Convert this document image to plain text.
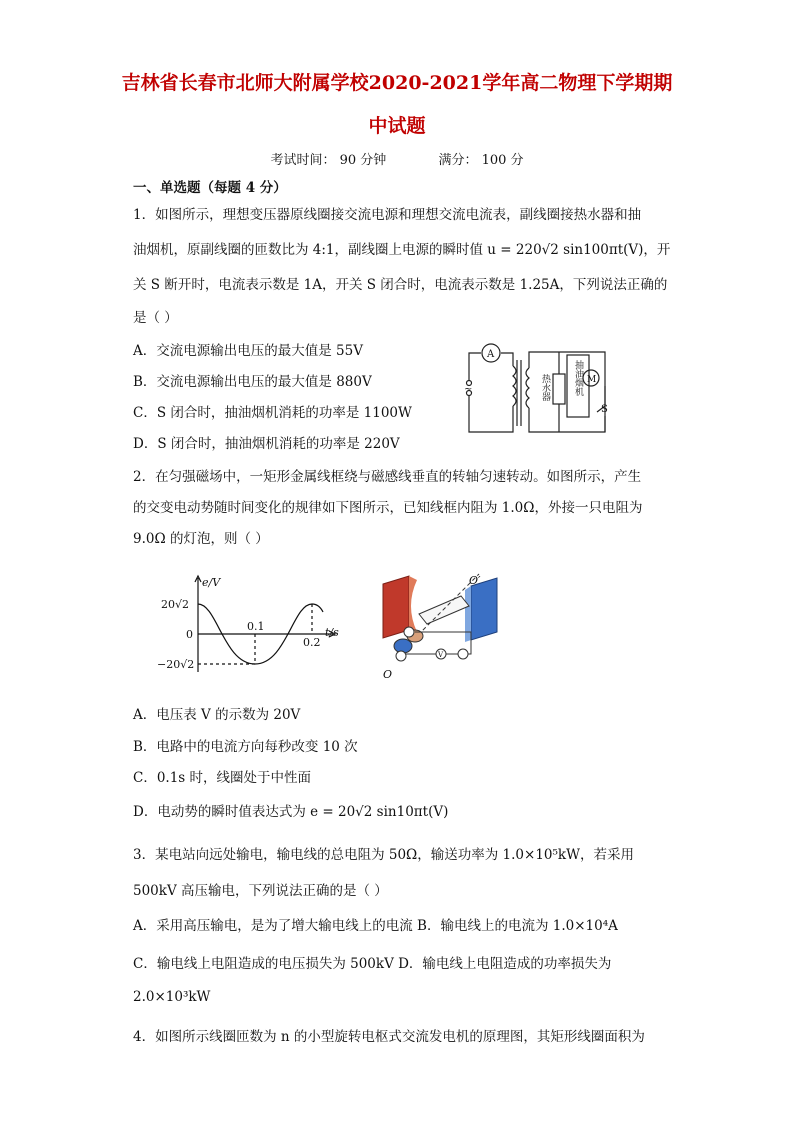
吉林省长春市北师大附属学校2020-2021学年高二物理下学期期
中试题
考试时间： 90 分钟	满分： 100 分
一、单选题（每题 4 分）
1．如图所示，理想变压器原线圈接交流电源和理想交流电流表，副线圈接热水器和抽
油烟机，原副线圈的匝数比为 4:1，副线圈上电源的瞬时值 u = 220√2 sin100πt(V)，开
关 S 断开时，电流表示数是 1A，开关 S 闭合时，电流表示数是 1.25A，下列说法正确的
是（ ）
A．交流电源输出电压的最大值是 55V
B．交流电源输出电压的最大值是 880V
C．S 闭合时，抽油烟机消耗的功率是 1100W
D．S 闭合时，抽油烟机消耗的功率是 220V
A
~
M
S
热水器	抽油烟机
2．在匀强磁场中，一矩形金属线框绕与磁感线垂直的转轴匀速转动。如图所示，产生
的交变电动势随时间变化的规律如下图所示，已知线框内阻为 1.0Ω，外接一只电阻为
9.0Ω 的灯泡，则（ ）
e/V
t/s
20√2
0
−20√2
0.1
0.2
V
O′
O
A．电压表 V 的示数为 20V
B．电路中的电流方向每秒改变 10 次
C．0.1s 时，线圈处于中性面
D．电动势的瞬时值表达式为 e = 20√2 sin10πt(V)
3．某电站向远处输电，输电线的总电阻为 50Ω，输送功率为 1.0×10⁵kW，若采用
500kV 高压输电，下列说法正确的是（ ）
A．采用高压输电，是为了增大输电线上的电流 B．输电线上的电流为 1.0×10⁴A
C．输电线上电阻造成的电压损失为 500kV D．输电线上电阻造成的功率损失为
2.0×10³kW
4．如图所示线圈匝数为 n 的小型旋转电枢式交流发电机的原理图，其矩形线圈面积为
